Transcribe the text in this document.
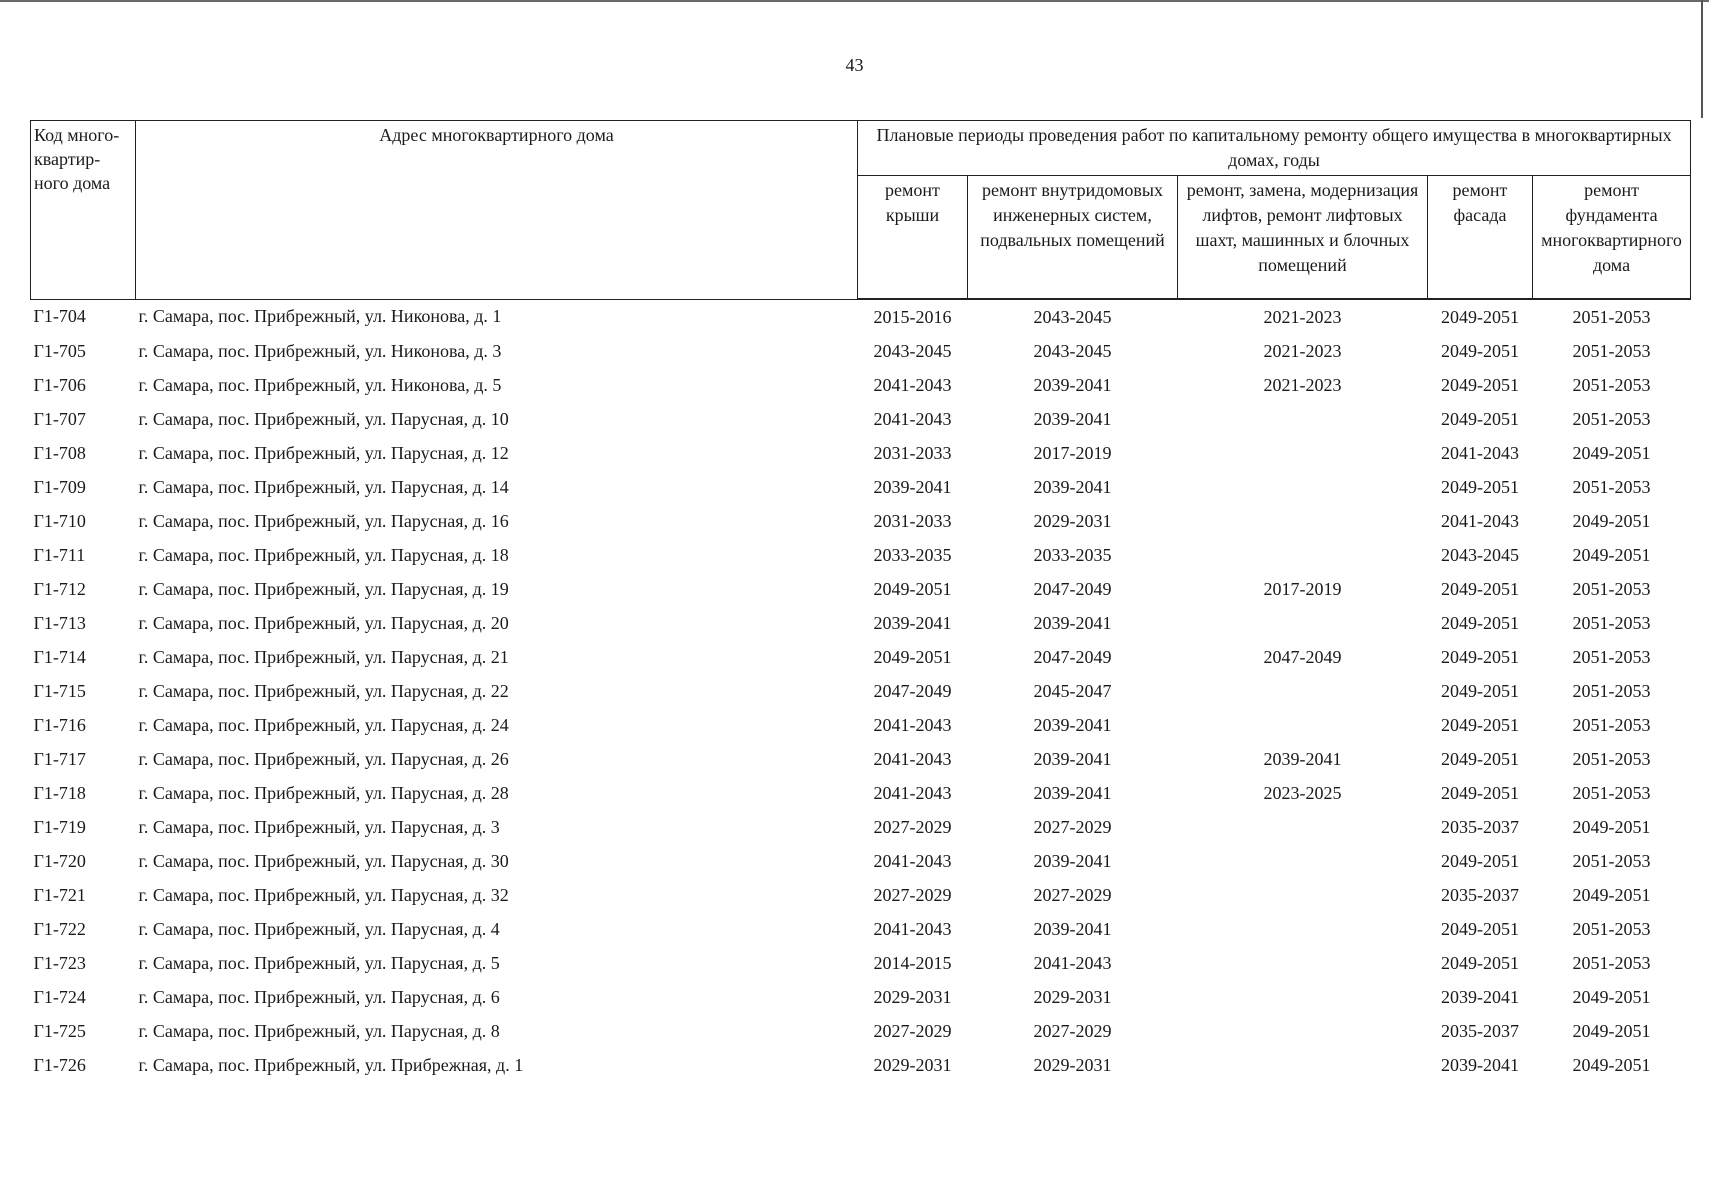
43
Код много-квартир-ного дома	Адрес многоквартирного дома	Плановые периоды проведения работ по капитальному ремонту общего имущества в многоквартирных домах, годы				
		ремонт крыши	ремонт внутридомовых инженерных систем, подвальных помещений	ремонт, замена, модернизация лифтов, ремонт лифтовых шахт, машинных и блочных помещений	ремонт фасада	ремонт фундамента многоквартирного дома
Г1-704	г. Самара, пос. Прибрежный, ул. Никонова, д. 1	2015-2016	2043-2045	2021-2023	2049-2051	2051-2053
Г1-705	г. Самара, пос. Прибрежный, ул. Никонова, д. 3	2043-2045	2043-2045	2021-2023	2049-2051	2051-2053
Г1-706	г. Самара, пос. Прибрежный, ул. Никонова, д. 5	2041-2043	2039-2041	2021-2023	2049-2051	2051-2053
Г1-707	г. Самара, пос. Прибрежный, ул. Парусная, д. 10	2041-2043	2039-2041		2049-2051	2051-2053
Г1-708	г. Самара, пос. Прибрежный, ул. Парусная, д. 12	2031-2033	2017-2019		2041-2043	2049-2051
Г1-709	г. Самара, пос. Прибрежный, ул. Парусная, д. 14	2039-2041	2039-2041		2049-2051	2051-2053
Г1-710	г. Самара, пос. Прибрежный, ул. Парусная, д. 16	2031-2033	2029-2031		2041-2043	2049-2051
Г1-711	г. Самара, пос. Прибрежный, ул. Парусная, д. 18	2033-2035	2033-2035		2043-2045	2049-2051
Г1-712	г. Самара, пос. Прибрежный, ул. Парусная, д. 19	2049-2051	2047-2049	2017-2019	2049-2051	2051-2053
Г1-713	г. Самара, пос. Прибрежный, ул. Парусная, д. 20	2039-2041	2039-2041		2049-2051	2051-2053
Г1-714	г. Самара, пос. Прибрежный, ул. Парусная, д. 21	2049-2051	2047-2049	2047-2049	2049-2051	2051-2053
Г1-715	г. Самара, пос. Прибрежный, ул. Парусная, д. 22	2047-2049	2045-2047		2049-2051	2051-2053
Г1-716	г. Самара, пос. Прибрежный, ул. Парусная, д. 24	2041-2043	2039-2041		2049-2051	2051-2053
Г1-717	г. Самара, пос. Прибрежный, ул. Парусная, д. 26	2041-2043	2039-2041	2039-2041	2049-2051	2051-2053
Г1-718	г. Самара, пос. Прибрежный, ул. Парусная, д. 28	2041-2043	2039-2041	2023-2025	2049-2051	2051-2053
Г1-719	г. Самара, пос. Прибрежный, ул. Парусная, д. 3	2027-2029	2027-2029		2035-2037	2049-2051
Г1-720	г. Самара, пос. Прибрежный, ул. Парусная, д. 30	2041-2043	2039-2041		2049-2051	2051-2053
Г1-721	г. Самара, пос. Прибрежный, ул. Парусная, д. 32	2027-2029	2027-2029		2035-2037	2049-2051
Г1-722	г. Самара, пос. Прибрежный, ул. Парусная, д. 4	2041-2043	2039-2041		2049-2051	2051-2053
Г1-723	г. Самара, пос. Прибрежный, ул. Парусная, д. 5	2014-2015	2041-2043		2049-2051	2051-2053
Г1-724	г. Самара, пос. Прибрежный, ул. Парусная, д. 6	2029-2031	2029-2031		2039-2041	2049-2051
Г1-725	г. Самара, пос. Прибрежный, ул. Парусная, д. 8	2027-2029	2027-2029		2035-2037	2049-2051
Г1-726	г. Самара, пос. Прибрежный, ул. Прибрежная, д. 1	2029-2031	2029-2031		2039-2041	2049-2051
